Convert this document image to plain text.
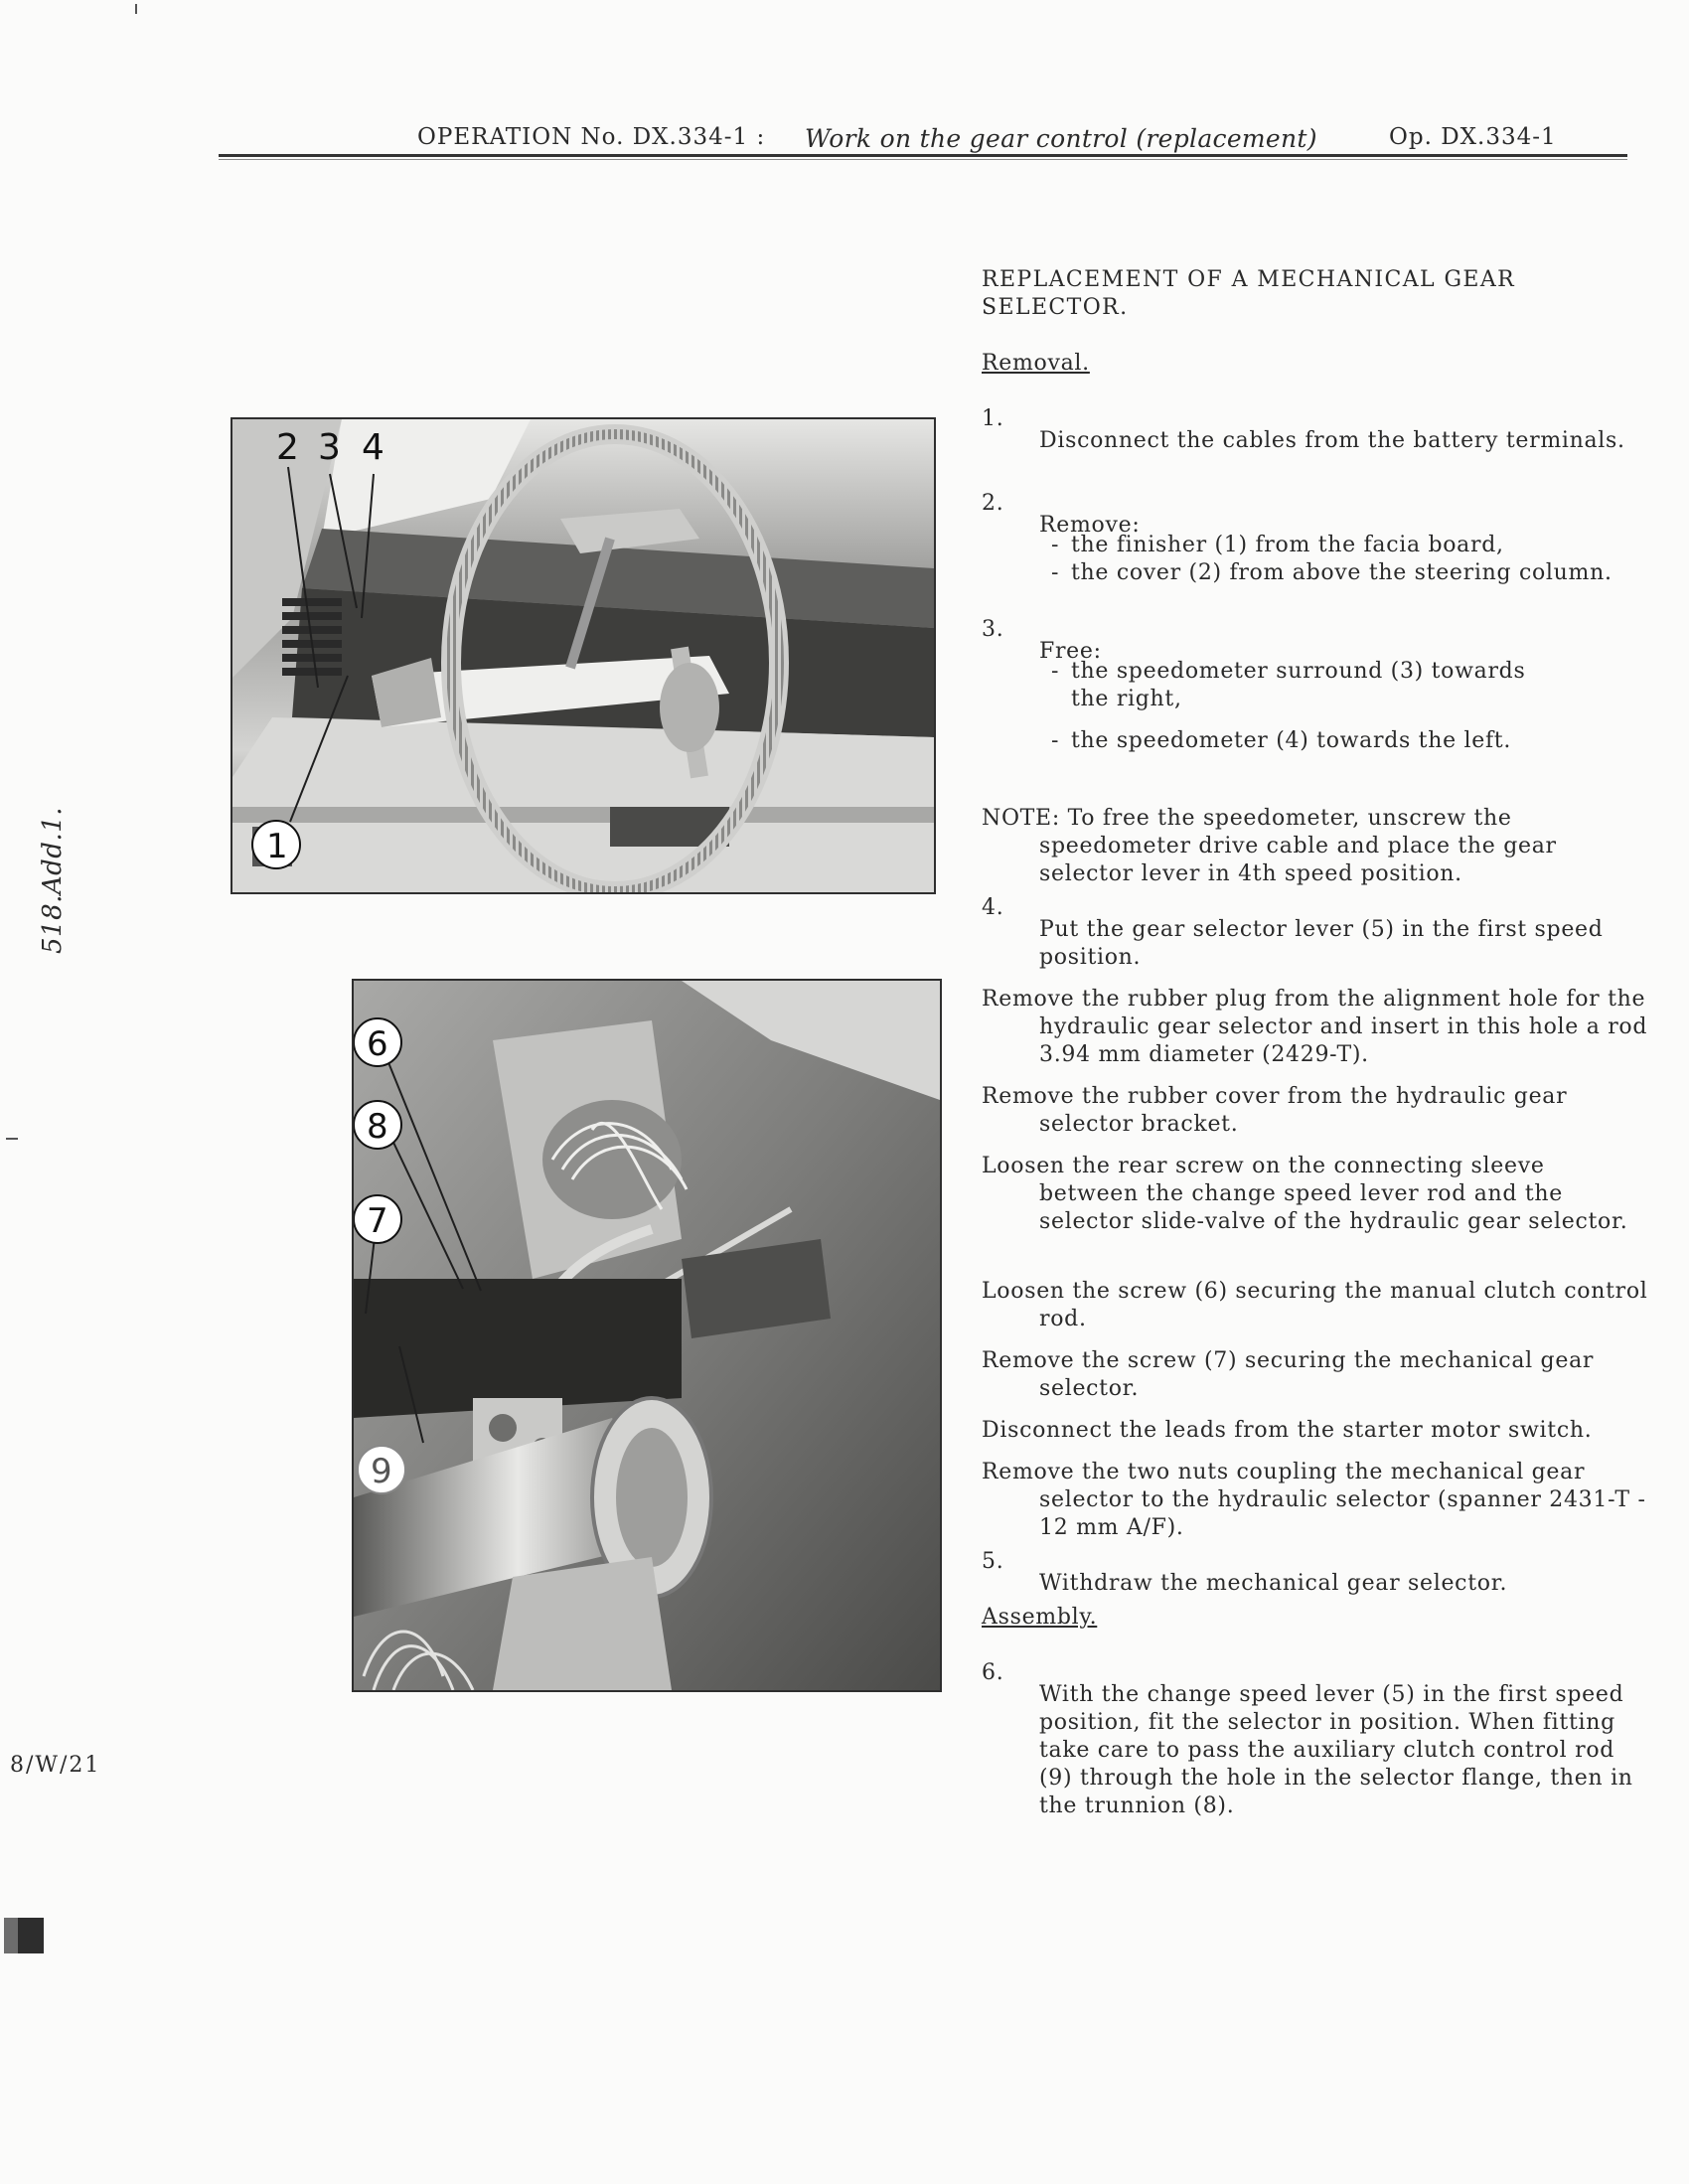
OPERATION No. DX.334-1 : Work on the gear control (replacement)	Op. DX.334-1
518.Add.1.
8/W/21
2 3 4
1
6
8
7
9
REPLACEMENT OF A MECHANICAL GEAR SELECTOR.
Removal.
1.

Disconnect the cables from the battery terminals.

2.

Remove:

- the finisher (1) from the facia board,
- the cover (2) from above the steering column.
3.

Free:

- the speedometer surround (3) towards the right,
- the speedometer (4) towards the left.

NOTE: To free the speedometer, unscrew the speedometer drive cable and place the gear selector lever in 4th speed position.

4.

Put the gear selector lever (5) in the first speed position.

Remove the rubber plug from the alignment hole for the hydraulic gear selector and insert in this hole a rod 3.94 mm diameter (2429-T).

Remove the rubber cover from the hydraulic gear selector bracket.

Loosen the rear screw on the connecting sleeve between the change speed lever rod and the selector slide-valve of the hydraulic gear selector.

Loosen the screw (6) securing the manual clutch control rod.

Remove the screw (7) securing the mechanical gear selector.

Disconnect the leads from the starter motor switch.

Remove the two nuts coupling the mechanical gear selector to the hydraulic selector (spanner 2431-T - 12 mm A/F).

5.

Withdraw the mechanical gear selector.

Assembly.
6.

With the change speed lever (5) in the first speed position, fit the selector in position. When fitting take care to pass the auxiliary clutch control rod (9) through the hole in the selector flange, then in the trunnion (8).
